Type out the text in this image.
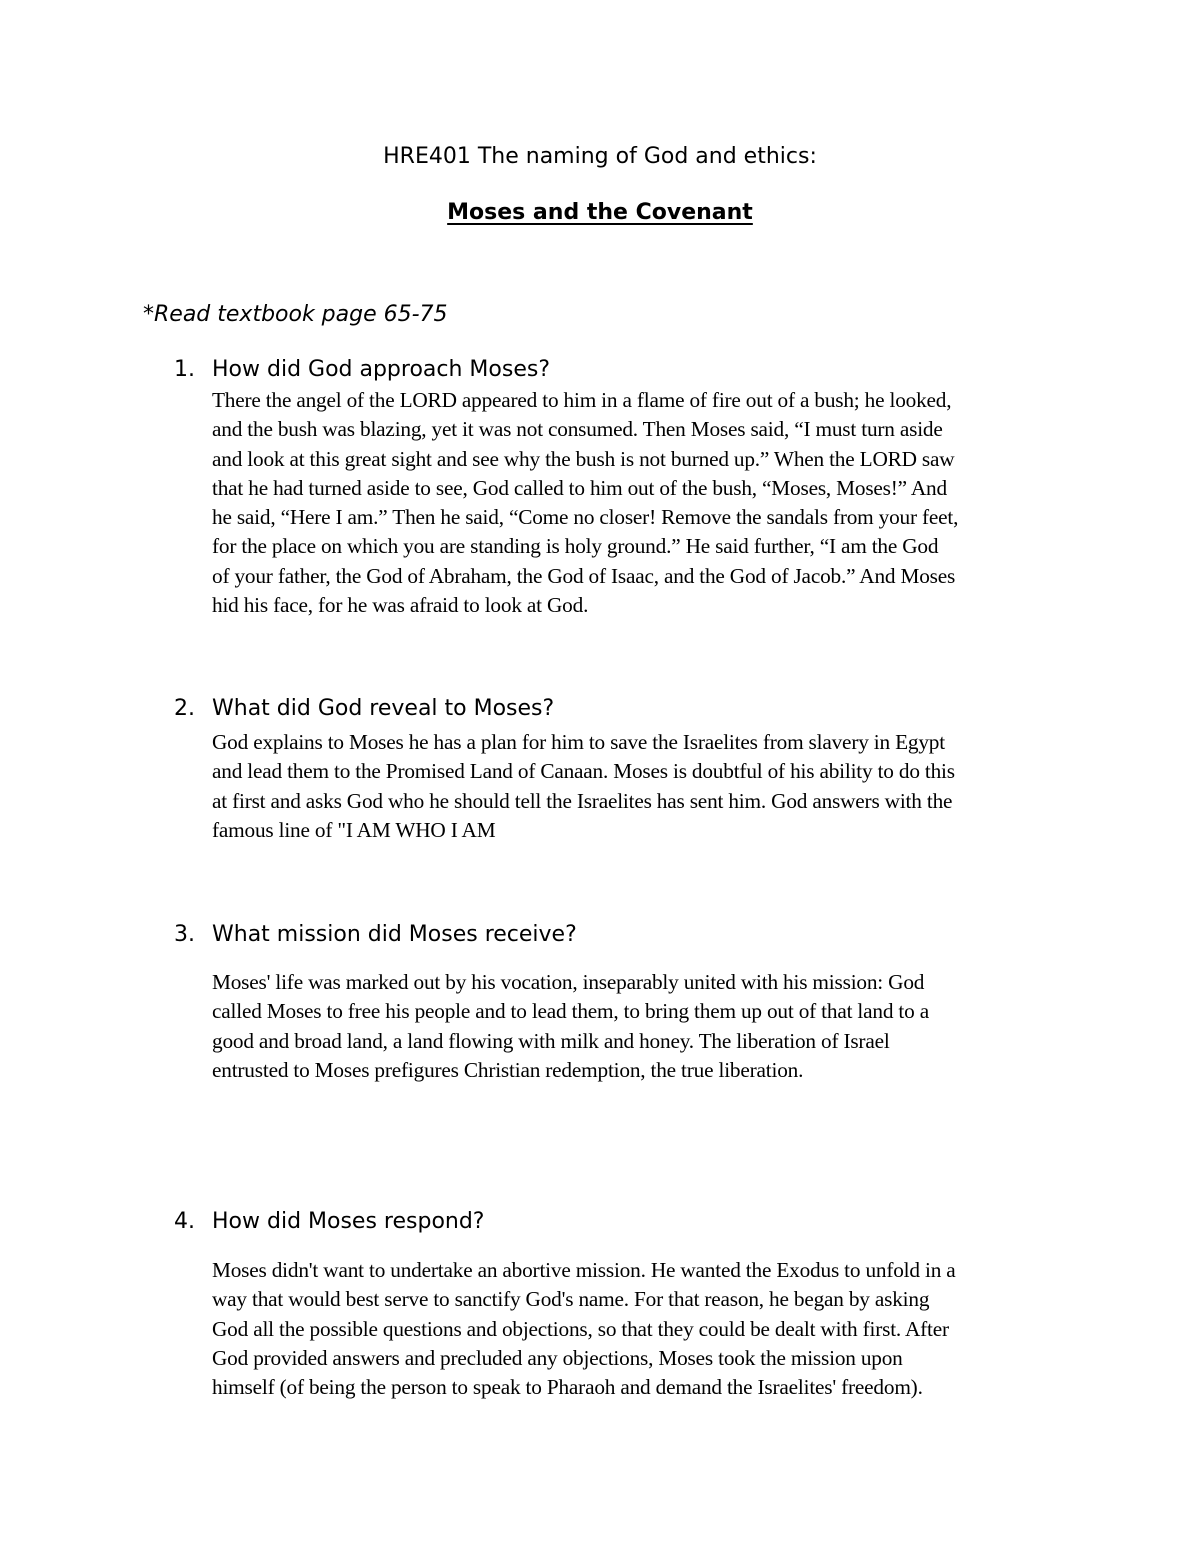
HRE401 The naming of God and ethics:
Moses and the Covenant
*Read textbook page 65-75
1. How did God approach Moses?
There the angel of the LORD appeared to him in a flame of fire out of a bush; he looked,
and the bush was blazing, yet it was not consumed. Then Moses said, “I must turn aside
and look at this great sight and see why the bush is not burned up.” When the LORD saw
that he had turned aside to see, God called to him out of the bush, “Moses, Moses!” And
he said, “Here I am.” Then he said, “Come no closer! Remove the sandals from your feet,
for the place on which you are standing is holy ground.” He said further, “I am the God
of your father, the God of Abraham, the God of Isaac, and the God of Jacob.” And Moses
hid his face, for he was afraid to look at God.
2. What did God reveal to Moses?
God explains to Moses he has a plan for him to save the Israelites from slavery in Egypt
and lead them to the Promised Land of Canaan. Moses is doubtful of his ability to do this
at first and asks God who he should tell the Israelites has sent him. God answers with the
famous line of "I AM WHO I AM
3. What mission did Moses receive?
Moses' life was marked out by his vocation, inseparably united with his mission: God
called Moses to free his people and to lead them, to bring them up out of that land to a
good and broad land, a land flowing with milk and honey. The liberation of Israel
entrusted to Moses prefigures Christian redemption, the true liberation.
4. How did Moses respond?
Moses didn't want to undertake an abortive mission. He wanted the Exodus to unfold in a
way that would best serve to sanctify God's name. For that reason, he began by asking
God all the possible questions and objections, so that they could be dealt with first. After
God provided answers and precluded any objections, Moses took the mission upon
himself (of being the person to speak to Pharaoh and demand the Israelites' freedom).
